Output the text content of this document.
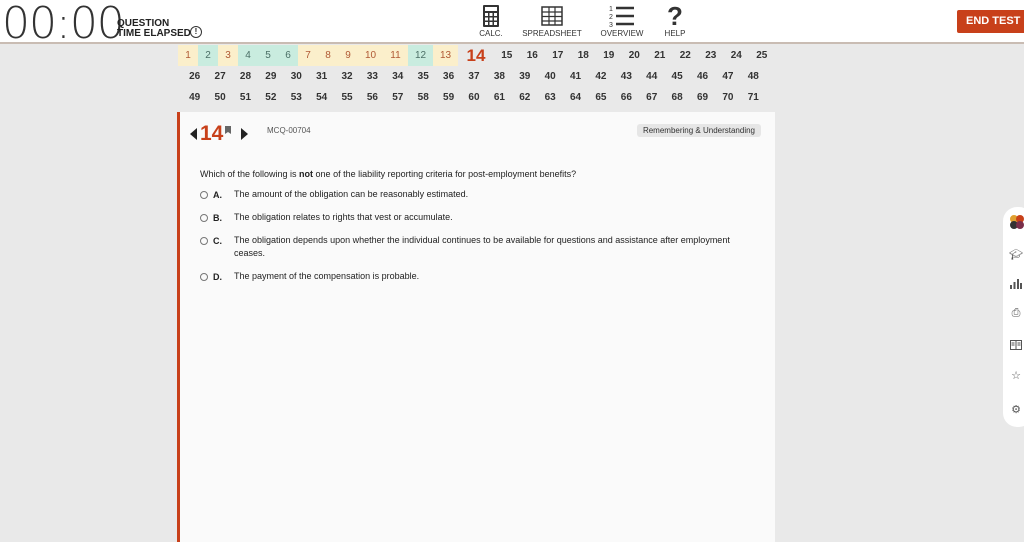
00:00
QUESTION
TIME ELAPSED !	CALC.	SPREADSHEET
1
2
3
OVERVIEW
?
HELP
END TEST
1	2	3	4	5	6	7	8	9	10	11	12	13 14	15	16	17	18	19	20	21	22	23	24	25
26	27	28	29	30	31	32	33	34	35	36	37	38	39	40	41	42	43	44	45	46	47	48
49	50	51	52	53	54	55	56	57	58	59	60	61	62	63	64	65	66	67	68	69	70	71
14	MCQ-00704	Remembering & Understanding
Which of the following is not one of the liability reporting criteria for post-employment benefits?
A.	The amount of the obligation can be reasonably estimated.
B.	The obligation relates to rights that vest or accumulate.
C.	The obligation depends upon whether the individual continues to be available for questions and assistance after employment ceases.
D.	The payment of the compensation is probable.
🎓︎
⎙
☆
⚙
